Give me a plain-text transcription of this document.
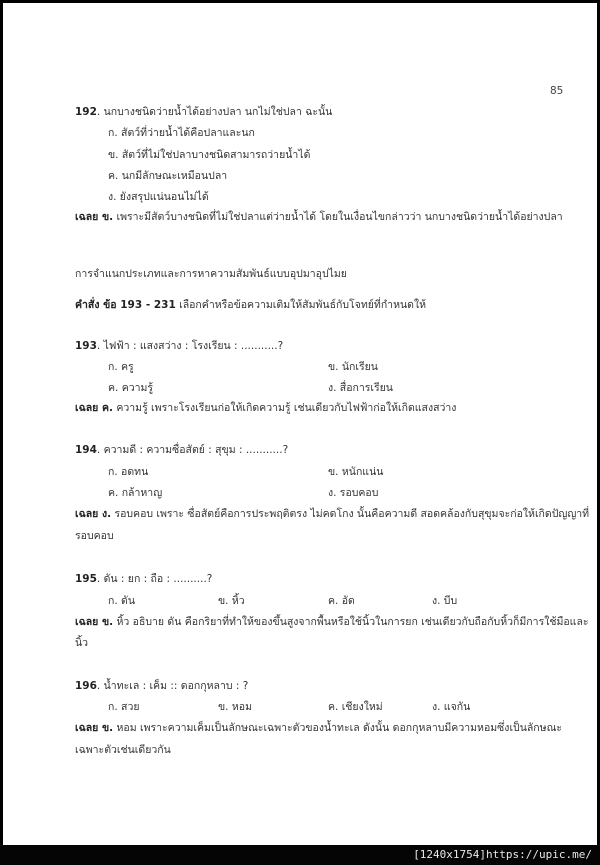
85
192. นกบางชนิดว่ายน้ำได้อย่างปลา นกไม่ใช่ปลา ฉะนั้น
ก. สัตว์ที่ว่ายน้ำได้คือปลาและนก
ข. สัตว์ที่ไม่ใช่ปลาบางชนิดสามารถว่ายน้ำได้
ค. นกมีลักษณะเหมือนปลา
ง. ยังสรุปแน่นอนไม่ได้
เฉลย ข. เพราะมีสัตว์บางชนิดที่ไม่ใช่ปลาแต่ว่ายน้ำได้ โดยในเงื่อนไขกล่าวว่า นกบางชนิดว่ายน้ำได้อย่างปลา
การจำแนกประเภทและการหาความสัมพันธ์แบบอุปมาอุปไมย
คำสั่ง ข้อ 193 - 231 เลือกคำหรือข้อความเติมให้สัมพันธ์กับโจทย์ที่กำหนดให้
193. ไฟฟ้า : แสงสว่าง : โรงเรียน : ...........?
ก. ครู	ข. นักเรียน
ค. ความรู้	ง. สื่อการเรียน
เฉลย ค. ความรู้ เพราะโรงเรียนก่อให้เกิดความรู้ เช่นเดียวกับไฟฟ้าก่อให้เกิดแสงสว่าง
194. ความดี : ความซื่อสัตย์ : สุขุม : ...........?
ก. อดทน	ข. หนักแน่น
ค. กล้าหาญ	ง. รอบคอบ
เฉลย ง. รอบคอบ เพราะ ซื่อสัตย์คือการประพฤติตรง ไม่คดโกง นั้นคือความดี สอดคล้องกับสุขุมจะก่อให้เกิดปัญญาที่
รอบคอบ
195. ดัน : ยก : ถือ : ..........?
ก. ดัน	ข. หิ้ว	ค. อัด	ง. บีบ
เฉลย ข. หิ้ว อธิบาย ดัน คือกริยาที่ทำให้ของขึ้นสูงจากพื้นหรือใช้นิ้วในการยก เช่นเดียวกับถือกับหิ้วก็มีการใช้มือและ
นิ้ว
196. น้ำทะเล : เค็ม :: ดอกกุหลาบ : ?
ก. สวย	ข. หอม	ค. เชียงใหม่	ง. แจกัน
เฉลย ข. หอม เพราะความเค็มเป็นลักษณะเฉพาะตัวของน้ำทะเล ดังนั้น ดอกกุหลาบมีความหอมซึ่งเป็นลักษณะ
เฉพาะตัวเช่นเดียวกัน
[1240x1754]https://upic.me/
